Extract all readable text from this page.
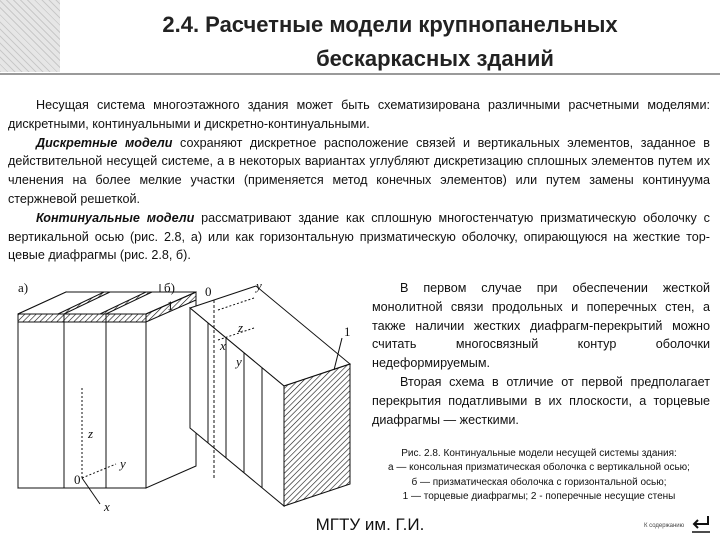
2.4. Расчетные модели крупнопанельных
бескаркасных зданий

Несущая система многоэтажного здания может быть схематизирована различными расчетными моделями: дискретными, континуальными и дискретно-континуальными.

Дискретные модели сохраняют дискретное расположение связей и вертикальных элементов, заданное в действительной несущей системе, а в некоторых вариантах углубляют дискретизацию сплошных элементов путем их членения на более мелкие участки (применяется метод конечных элементов) или путем замены континуума стержневой решеткой.

Континуальные модели рассматривают здание как сплошную многостенчатую призматическую оболочку с вертикальной осью (рис. 2.8, а) или как горизонтальную призматическую оболочку, опирающуюся на жесткие тор-цевые диафрагмы (рис. 2.8, б).

В первом случае при обеспечении жесткой монолитной связи продольных и поперечных стен, а также наличии жестких диафрагм-перекрытий можно считать многосвязный контур оболочки недеформируемым.

Вторая схема в отличие от первой предполагает перекрытия податливыми в их плоскости, а торцевые диафрагмы — жесткими.

а)	б)
1
0	y
z
x
y
1
z
y
0
x
Рис. 2.8. Континуальные модели несущей системы здания:
а — консольная призматическая оболочка с вертикальной осью;
б — призматическая оболочка с горизонтальной осью;
1 — торцевые диафрагмы; 2 - поперечные несущие стены
МГТУ им. Г.И.	К содержанию
